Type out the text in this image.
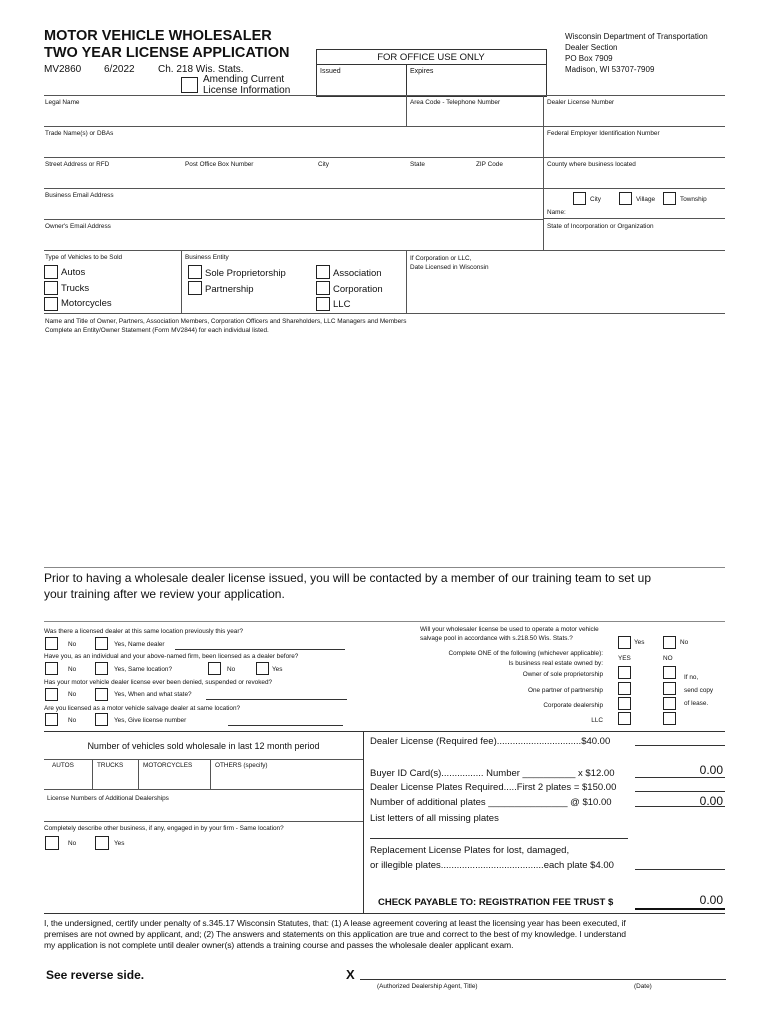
MOTOR VEHICLE WHOLESALER
TWO YEAR LICENSE APPLICATION
MV2860 6/2022 Ch. 218 Wis. Stats.
Amending Current
License Information
FOR OFFICE USE ONLY
Issued	Expires
Wisconsin Department of Transportation
Dealer Section
PO Box 7909
Madison, WI 53707-7909
Legal Name	Area Code - Telephone Number	Dealer License Number
Trade Name(s) or DBAs	Federal Employer Identification Number
Street Address or RFD	Post Office Box Number	City	State	ZIP Code	County where business located
Business Email Address
City	Village	Township
Name:
Owner's Email Address	State of Incorporation or Organization
Type of Vehicles to be Sold
Autos
Trucks
Motorcycles
Business Entity
Sole Proprietorship
Partnership
Association
Corporation
LLC
If Corporation or LLC,
Date Licensed in Wisconsin
Name and Title of Owner, Partners, Association Members, Corporation Officers and Shareholders, LLC Managers and Members
Complete an Entity/Owner Statement (Form MV2844) for each individual listed.
Prior to having a wholesale dealer license issued, you will be contacted by a member of our training team to set up
your training after we review your application.
Was there a licensed dealer at this same location previously this year?
No	Yes, Name dealer
Have you, as an individual and your above-named firm, been licensed as a dealer before?
No	Yes, Same location?	No	Yes
Has your motor vehicle dealer license ever been denied, suspended or revoked?
No	Yes, When and what state?
Are you licensed as a motor vehicle salvage dealer at same location?
No	Yes, Give license number
Will your wholesaler license be used to operate a motor vehicle
salvage pool in accordance with s.218.50 Wis. Stats.?
Yes	No
Complete ONE of the following (whichever applicable):
Is business real estate owned by:
YES	NO
Owner of sole proprietorship
One partner of partnership
Corporate dealership
LLC
If no,
send copy
of lease.
Number of vehicles sold wholesale in last 12 month period
AUTOS	TRUCKS	MOTORCYCLES	OTHERS (specify)
License Numbers of Additional Dealerships
Completely describe other business, if any, engaged in by your firm - Same location?
No	Yes
Dealer License (Required fee)................................$40.00
Buyer ID Card(s)................ Number __________ x $12.00	0.00
Dealer License Plates Required.....First 2 plates = $150.00
Number of additional plates _______________ @ $10.00	0.00
List letters of all missing plates
Replacement License Plates for lost, damaged,
or illegible plates.......................................each plate $4.00
CHECK PAYABLE TO: REGISTRATION FEE TRUST $	0.00
I, the undersigned, certify under penalty of s.345.17 Wisconsin Statutes, that: (1) A lease agreement covering at least the licensing year has been executed, if
premises are not owned by applicant, and; (2) The answers and statements on this application are true and correct to the best of my knowledge. I understand
my application is not complete until dealer owner(s) attends a training course and passes the wholesale dealer applicant exam.
See reverse side.	X
(Authorized Dealership Agent, Title)	(Date)
